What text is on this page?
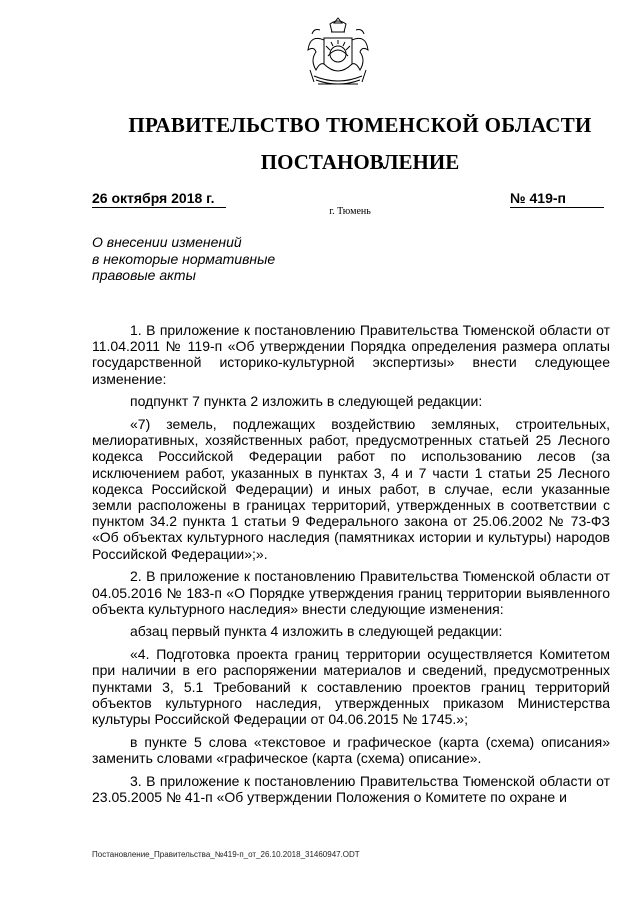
ПРАВИТЕЛЬСТВО ТЮМЕНСКОЙ ОБЛАСТИ
ПОСТАНОВЛЕНИЕ
26 октября 2018 г.	№ 419-п
г. Тюмень
О внесении изменений
в некоторые нормативные
правовые акты

1. В приложение к постановлению Правительства Тюменской области от 11.04.2011 № 119-п «Об утверждении Порядка определения размера оплаты государственной историко-культурной экспертизы» внести следующее изменение:

подпункт 7 пункта 2 изложить в следующей редакции:

«7) земель, подлежащих воздействию земляных, строительных, мелиоративных, хозяйственных работ, предусмотренных статьей 25 Лесного кодекса Российской Федерации работ по использованию лесов (за исключением работ, указанных в пунктах 3, 4 и 7 части 1 статьи 25 Лесного кодекса Российской Федерации) и иных работ, в случае, если указанные земли расположены в границах территорий, утвержденных в соответствии с пунктом 34.2 пункта 1 статьи 9 Федерального закона от 25.06.2002 № 73-ФЗ «Об объектах культурного наследия (памятниках истории и культуры) народов Российской Федерации»;».

2. В приложение к постановлению Правительства Тюменской области от 04.05.2016 № 183-п «О Порядке утверждения границ территории выявленного объекта культурного наследия» внести следующие изменения:

абзац первый пункта 4 изложить в следующей редакции:

«4. Подготовка проекта границ территории осуществляется Комитетом при наличии в его распоряжении материалов и сведений, предусмотренных пунктами 3, 5.1 Требований к составлению проектов границ территорий объектов культурного наследия, утвержденных приказом Министерства культуры Российской Федерации от 04.06.2015 № 1745.»;

в пункте 5 слова «текстовое и графическое (карта (схема) описания» заменить словами «графическое (карта (схема) описание».

3. В приложение к постановлению Правительства Тюменской области от 23.05.2005 № 41-п «Об утверждении Положения о Комитете по охране и

Постановление_Правительства_№419-п_от_26.10.2018_31460947.ODT
